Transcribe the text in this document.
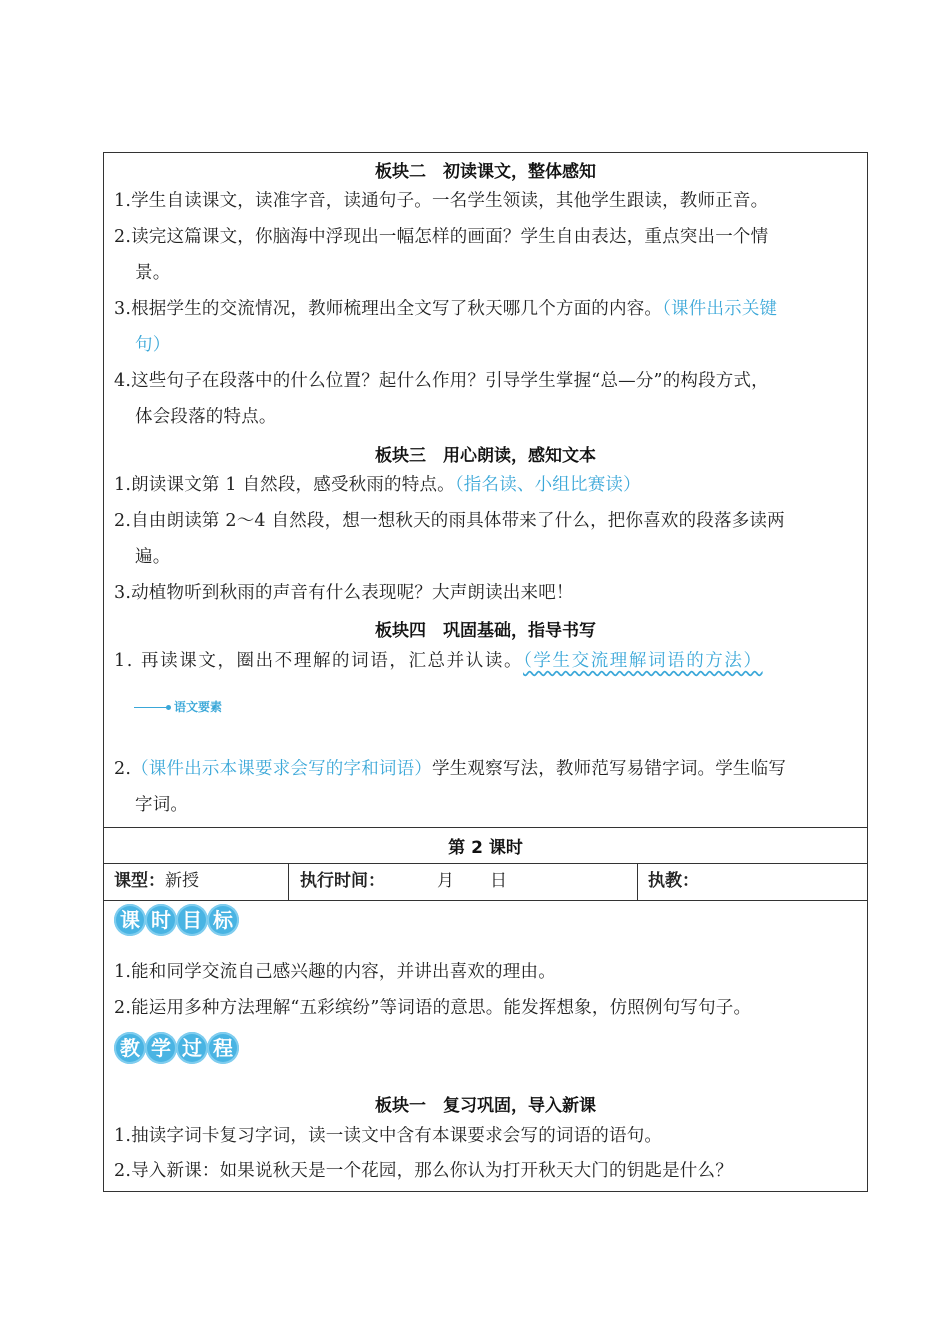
板块二　初读课文，整体感知
1.学生自读课文，读准字音，读通句子。一名学生领读，其他学生跟读，教师正音。
2.读完这篇课文，你脑海中浮现出一幅怎样的画面？学生自由表达，重点突出一个情
景。
3.根据学生的交流情况，教师梳理出全文写了秋天哪几个方面的内容。（课件出示关键
句）
4.这些句子在段落中的什么位置？起什么作用？引导学生掌握“总—分”的构段方式，
体会段落的特点。
板块三　用心朗读，感知文本
1.朗读课文第 1 自然段，感受秋雨的特点。（指名读、小组比赛读）
2.自由朗读第 2～4 自然段，想一想秋天的雨具体带来了什么，把你喜欢的段落多读两
遍。
3.动植物听到秋雨的声音有什么表现呢？大声朗读出来吧！
板块四　巩固基础，指导书写
1. 再读课文，圈出不理解的词语，汇总并认读。（学生交流理解词语的方法）
语文要素
2.（课件出示本课要求会写的字和词语）学生观察写法，教师范写易错字词。学生临写
字词。
第 2 课时
课型：新授	执行时间：	月 日	执教：
课 时 目 标
1.能和同学交流自己感兴趣的内容，并讲出喜欢的理由。
2.能运用多种方法理解“五彩缤纷”等词语的意思。能发挥想象，仿照例句写句子。
教 学 过 程
板块一　复习巩固，导入新课
1.抽读字词卡复习字词，读一读文中含有本课要求会写的词语的语句。
2.导入新课：如果说秋天是一个花园，那么你认为打开秋天大门的钥匙是什么？
